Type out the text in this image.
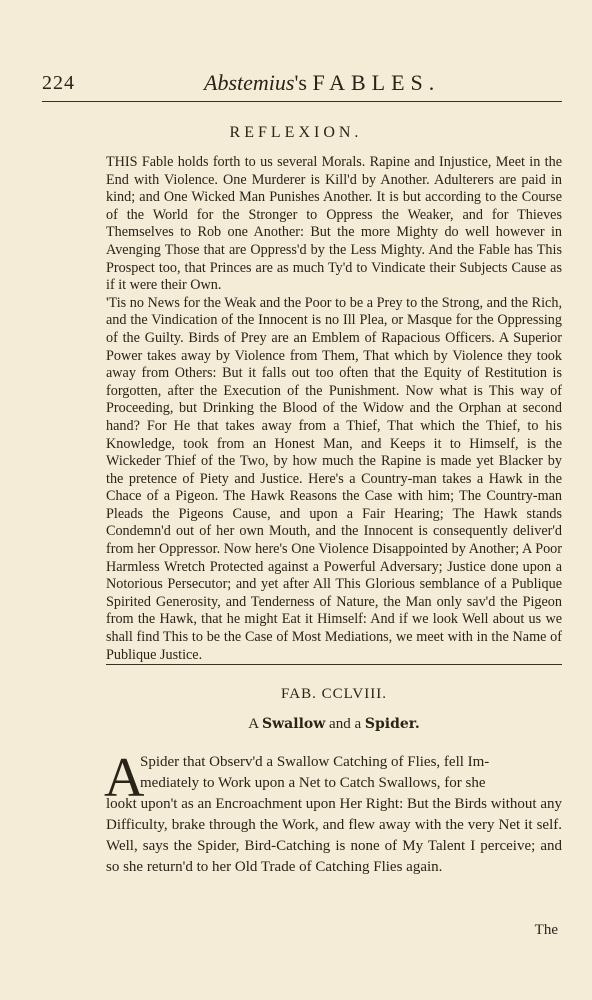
224	Abstemius's FABLES.
REFLEXION.

THIS Fable holds forth to us several Morals. Rapine and Injustice, Meet in the End with Violence. One Murderer is Kill'd by Another. Adulterers are paid in kind; and One Wicked Man Punishes Another. It is but according to the Course of the World for the Stronger to Oppress the Weaker, and for Thieves Themselves to Rob one Another: But the more Mighty do well however in Avenging Those that are Oppress'd by the Less Mighty. And the Fable has This Prospect too, that Princes are as much Ty'd to Vindicate their Subjects Cause as if it were their Own.

'Tis no News for the Weak and the Poor to be a Prey to the Strong, and the Rich, and the Vindication of the Innocent is no Ill Plea, or Masque for the Oppressing of the Guilty. Birds of Prey are an Emblem of Rapacious Officers. A Superior Power takes away by Violence from Them, That which by Violence they took away from Others: But it falls out too often that the Equity of Restitution is forgotten, after the Execution of the Punishment. Now what is This way of Proceeding, but Drinking the Blood of the Widow and the Orphan at second hand? For He that takes away from a Thief, That which the Thief, to his Knowledge, took from an Honest Man, and Keeps it to Himself, is the Wickeder Thief of the Two, by how much the Rapine is made yet Blacker by the pretence of Piety and Justice. Here's a Country-man takes a Hawk in the Chace of a Pigeon. The Hawk Reasons the Case with him; The Country-man Pleads the Pigeons Cause, and upon a Fair Hearing; The Hawk stands Condemn'd out of her own Mouth, and the Innocent is consequently deliver'd from her Oppressor. Now here's One Violence Disappointed by Another; A Poor Harmless Wretch Protected against a Powerful Adversary; Justice done upon a Notorious Persecutor; and yet after All This Glorious semblance of a Publique Spirited Generosity, and Tenderness of Nature, the Man only sav'd the Pigeon from the Hawk, that he might Eat it Himself: And if we look Well about us we shall find This to be the Case of Most Mediations, we meet with in the Name of Publique Justice.

FAB. CCLVIII.
A Swallow and a Spider.
A
Spider that Observ'd a Swallow Catching of Flies, fell Im-
mediately to Work upon a Net to Catch Swallows, for she
lookt upon't as an Encroachment upon Her Right: But the Birds without any Difficulty, brake through the Work, and flew away with the very Net it self. Well, says the Spider, Bird-Catching is none of My Talent I perceive; and so she return'd to her Old Trade of Catching Flies again.
The
